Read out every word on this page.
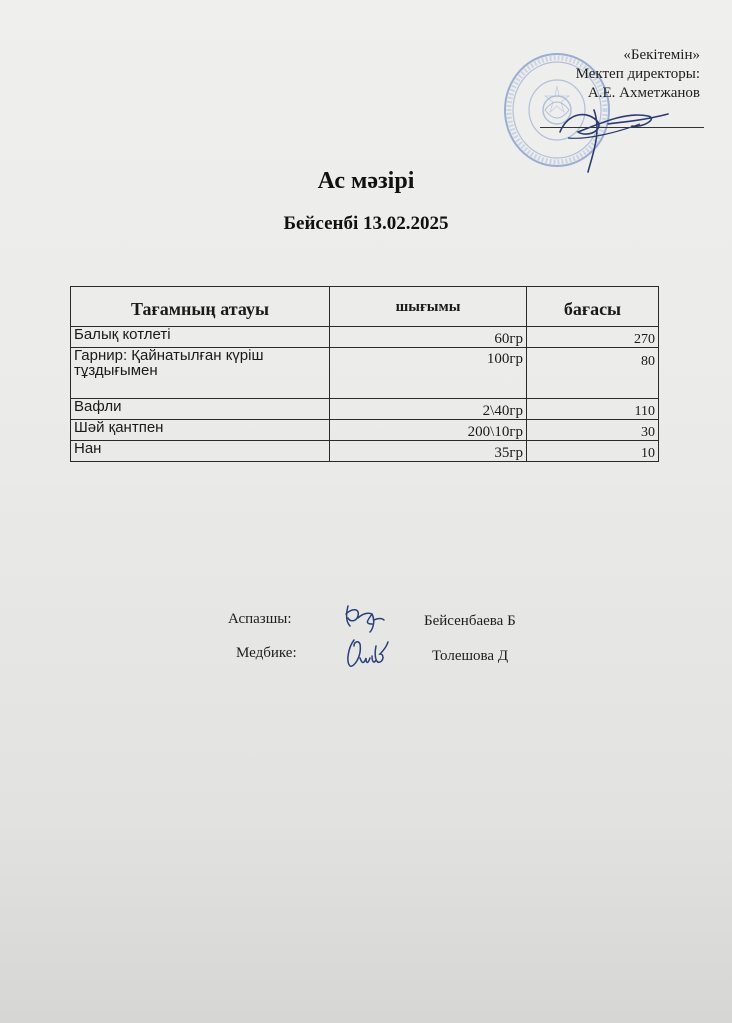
«Бекітемін»
Мектеп директоры:
А.Е. Ахметжанов
Ас мәзірі
Бейсенбі 13.02.2025
Тағамның атауы	шығымы	бағасы
Балық котлеті	60гр	270
Гарнир: Қайнатылған күріш тұздығымен	100гр	80
Вафли	2\40гр	110
Шәй қантпен	200\10гр	30
Нан	35гр	10
Аспазшы:	Бейсенбаева Б
Медбике:	Толешова Д
